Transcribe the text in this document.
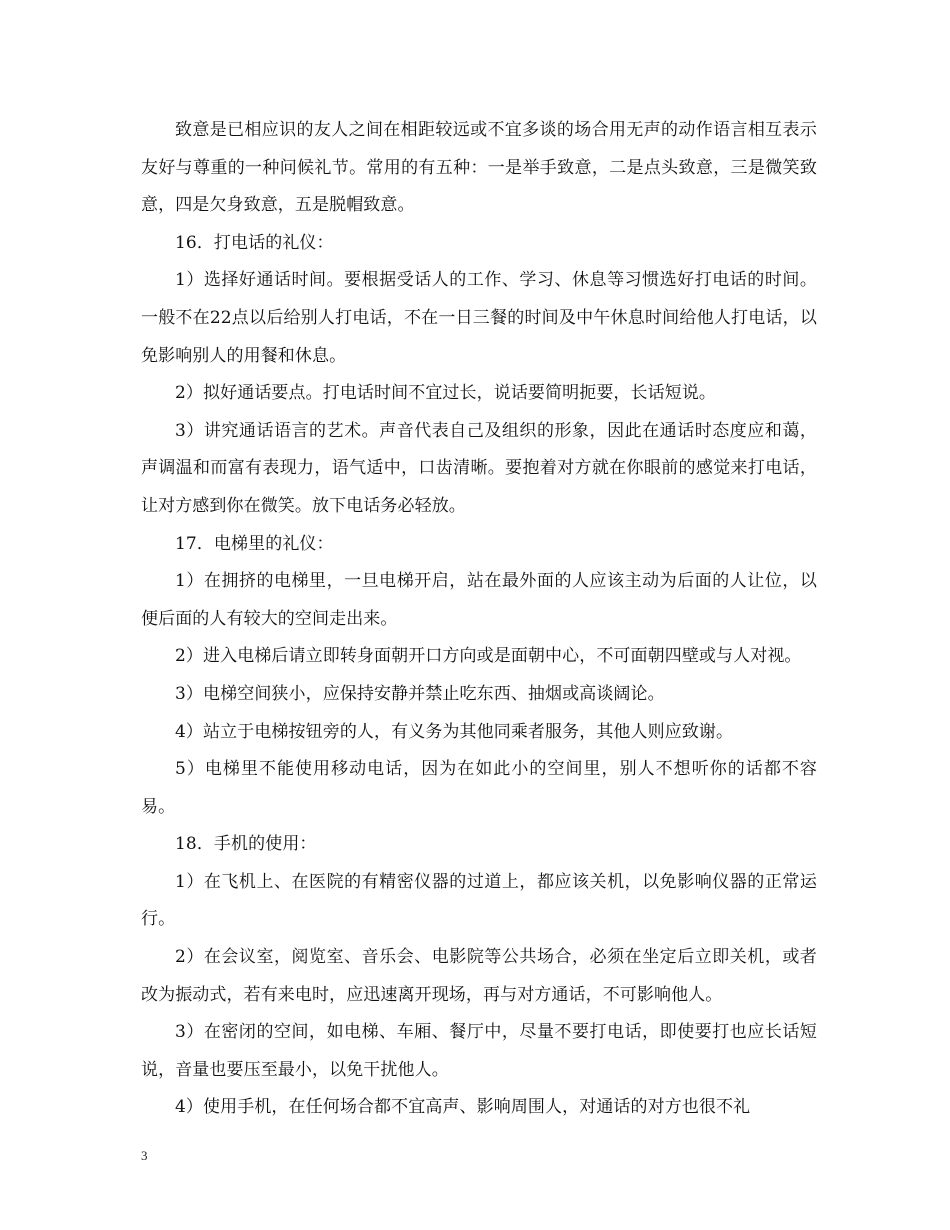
致意是已相应识的友人之间在相距较远或不宜多谈的场合用无声的动作语言相互表示友好与尊重的一种问候礼节。常用的有五种：一是举手致意，二是点头致意，三是微笑致意，四是欠身致意，五是脱帽致意。

16．打电话的礼仪：

1）选择好通话时间。要根据受话人的工作、学习、休息等习惯选好打电话的时间。一般不在22点以后给别人打电话，不在一日三餐的时间及中午休息时间给他人打电话，以免影响别人的用餐和休息。

2）拟好通话要点。打电话时间不宜过长，说话要简明扼要，长话短说。

3）讲究通话语言的艺术。声音代表自己及组织的形象，因此在通话时态度应和蔼，声调温和而富有表现力，语气适中，口齿清晰。要抱着对方就在你眼前的感觉来打电话，让对方感到你在微笑。放下电话务必轻放。

17．电梯里的礼仪：

1）在拥挤的电梯里，一旦电梯开启，站在最外面的人应该主动为后面的人让位，以便后面的人有较大的空间走出来。

2）进入电梯后请立即转身面朝开口方向或是面朝中心，不可面朝四壁或与人对视。

3）电梯空间狭小，应保持安静并禁止吃东西、抽烟或高谈阔论。

4）站立于电梯按钮旁的人，有义务为其他同乘者服务，其他人则应致谢。

5）电梯里不能使用移动电话，因为在如此小的空间里，别人不想听你的话都不容易。

18．手机的使用：

1）在飞机上、在医院的有精密仪器的过道上，都应该关机，以免影响仪器的正常运行。

2）在会议室，阅览室、音乐会、电影院等公共场合，必须在坐定后立即关机，或者改为振动式，若有来电时，应迅速离开现场，再与对方通话，不可影响他人。

3）在密闭的空间，如电梯、车厢、餐厅中，尽量不要打电话，即使要打也应长话短说，音量也要压至最小，以免干扰他人。

4）使用手机，在任何场合都不宜高声、影响周围人，对通话的对方也很不礼

3
